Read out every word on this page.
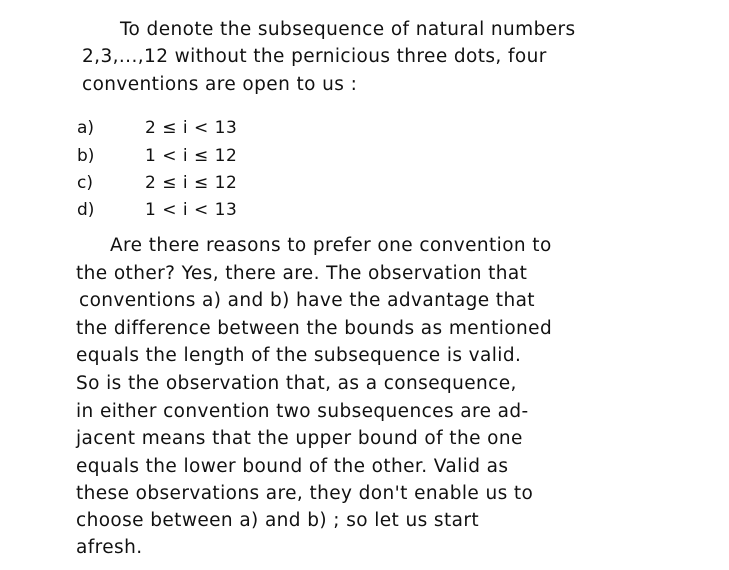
To denote the subsequence of natural numbers
2,3,...,12 without the pernicious three dots, four
conventions are open to us :
a)	2 ≤ i < 13
b)	1 < i ≤ 12
c)	2 ≤ i ≤ 12
d)	1 < i < 13
Are there reasons to prefer one convention to
the other? Yes, there are. The observation that
conventions a) and b) have the advantage that
the difference between the bounds as mentioned
equals the length of the subsequence is valid.
So is the observation that, as a consequence,
in either convention two subsequences are ad-
jacent means that the upper bound of the one
equals the lower bound of the other. Valid as
these observations are, they don't enable us to
choose between a) and b) ; so let us start
afresh.
